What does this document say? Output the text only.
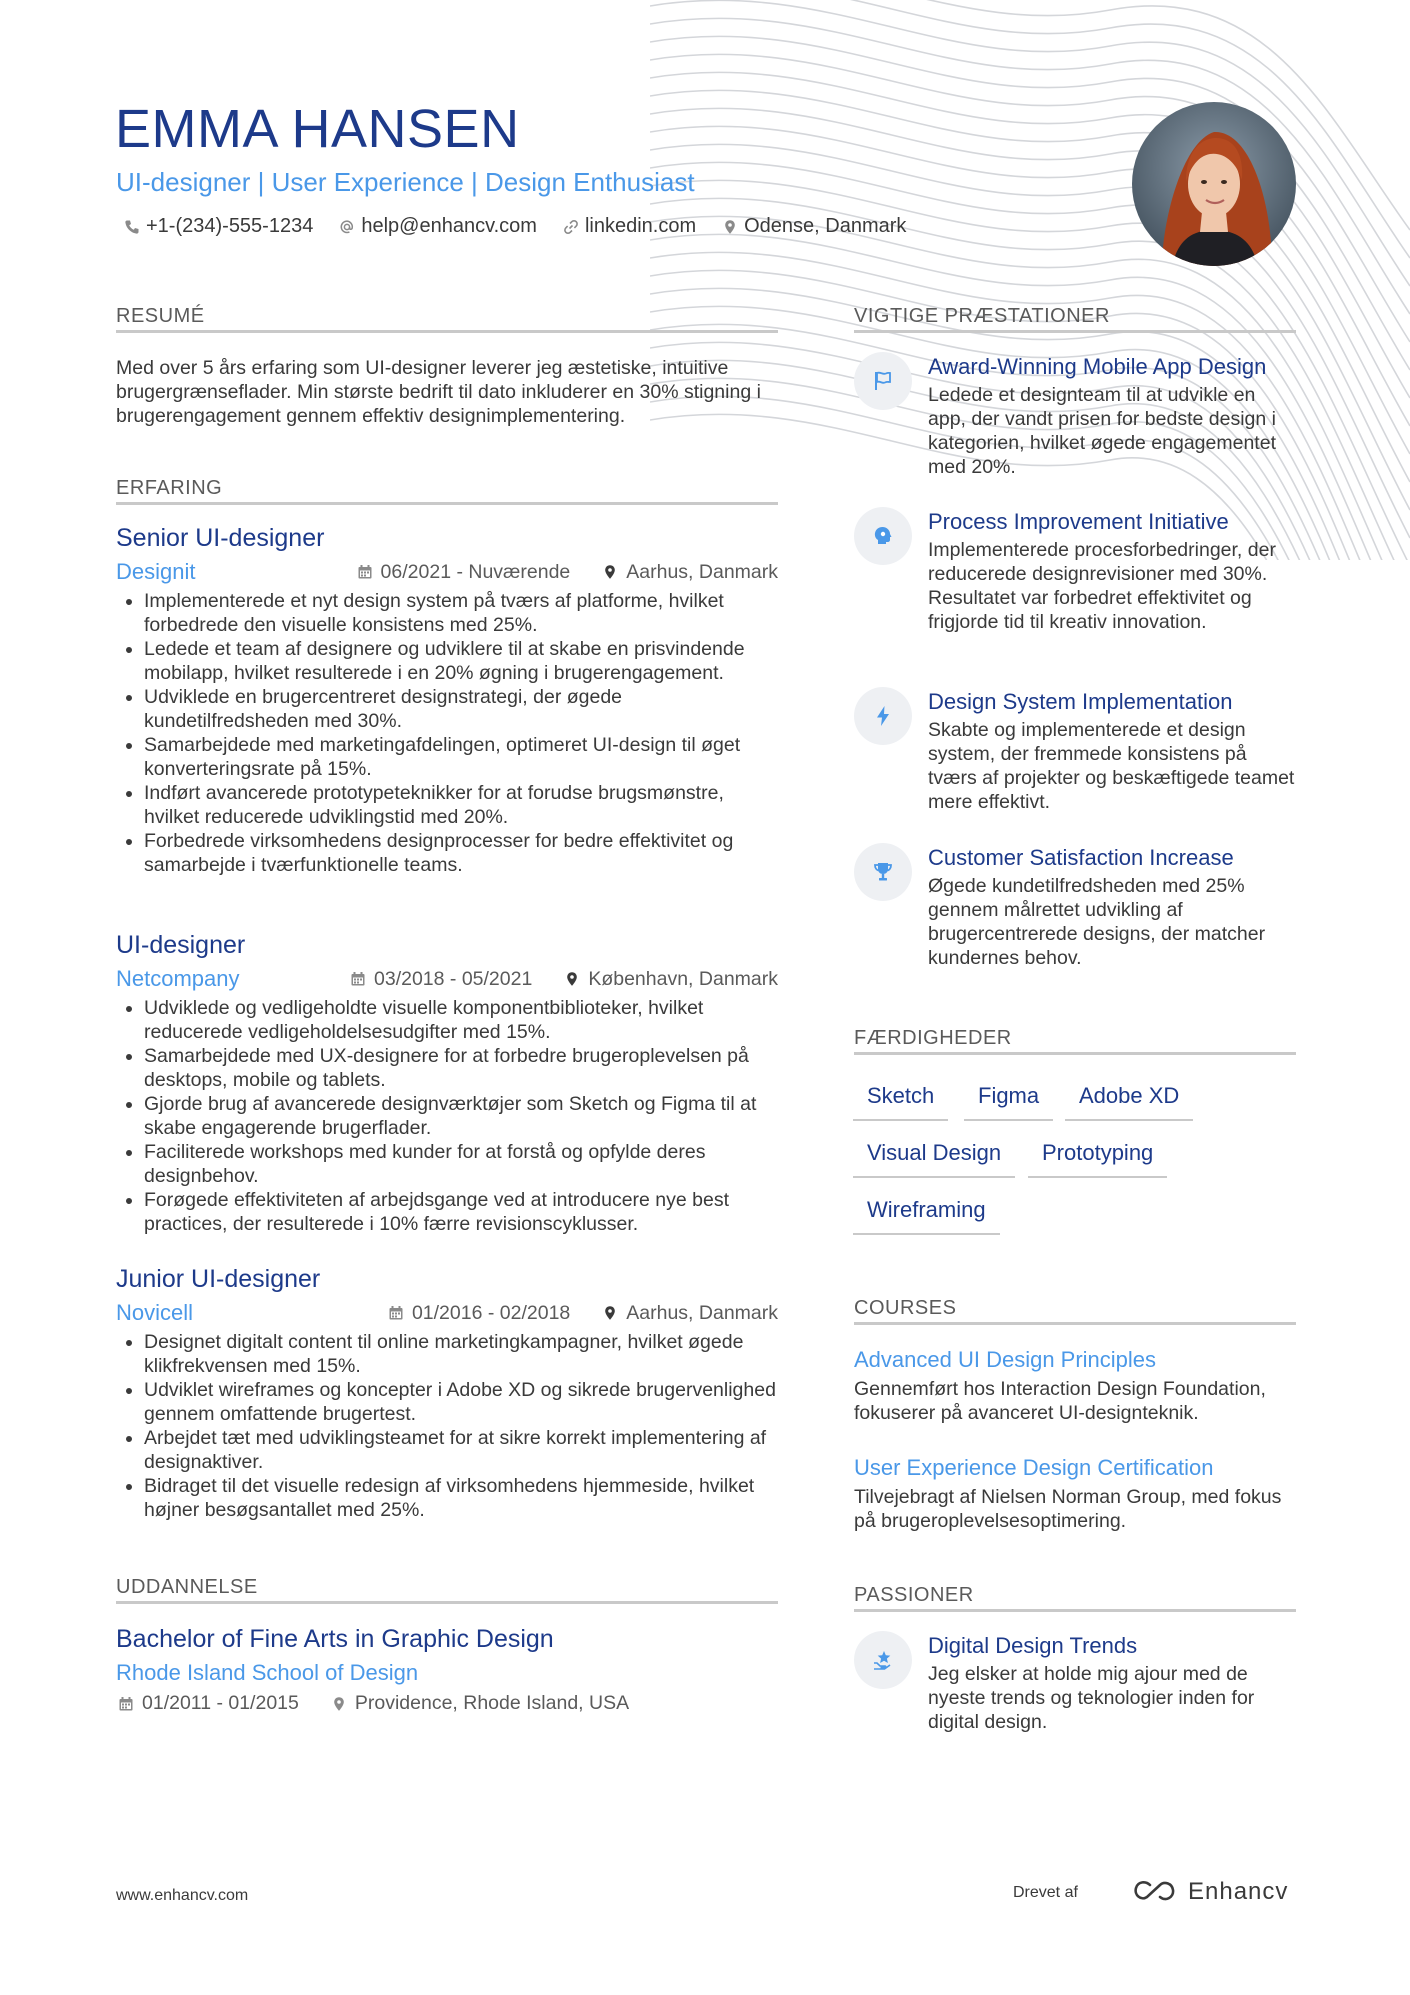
EMMA HANSEN
UI-designer | User Experience | Design Enthusiast
+1-(234)-555-1234 help@enhancv.com linkedin.com Odense, Danmark
RESUMÉ
Med over 5 års erfaring som UI-designer leverer jeg æstetiske, intuitive brugergrænseflader. Min største bedrift til dato inkluderer en 30% stigning i brugerengagement gennem effektiv designimplementering.
ERFARING
Senior UI-designer
Designit	06/2021 - Nuværende	Aarhus, Danmark
• Implementerede et nyt design system på tværs af platforme, hvilket forbedrede den visuelle konsistens med 25%.
• Ledede et team af designere og udviklere til at skabe en prisvindende mobilapp, hvilket resulterede i en 20% øgning i brugerengagement.
• Udviklede en brugercentreret designstrategi, der øgede kundetilfredsheden med 30%.
• Samarbejdede med marketingafdelingen, optimeret UI-design til øget konverteringsrate på 15%.
• Indført avancerede prototypeteknikker for at forudse brugsmønstre, hvilket reducerede udviklingstid med 20%.
• Forbedrede virksomhedens designprocesser for bedre effektivitet og samarbejde i tværfunktionelle teams.
UI-designer
Netcompany	03/2018 - 05/2021	København, Danmark
• Udviklede og vedligeholdte visuelle komponentbiblioteker, hvilket reducerede vedligeholdelsesudgifter med 15%.
• Samarbejdede med UX-designere for at forbedre brugeroplevelsen på desktops, mobile og tablets.
• Gjorde brug af avancerede designværktøjer som Sketch og Figma til at skabe engagerende brugerflader.
• Faciliterede workshops med kunder for at forstå og opfylde deres designbehov.
• Forøgede effektiviteten af arbejdsgange ved at introducere nye best practices, der resulterede i 10% færre revisionscyklusser.
Junior UI-designer
Novicell	01/2016 - 02/2018	Aarhus, Danmark
• Designet digitalt content til online marketingkampagner, hvilket øgede klikfrekvensen med 15%.
• Udviklet wireframes og koncepter i Adobe XD og sikrede brugervenlighed gennem omfattende brugertest.
• Arbejdet tæt med udviklingsteamet for at sikre korrekt implementering af designaktiver.
• Bidraget til det visuelle redesign af virksomhedens hjemmeside, hvilket højner besøgsantallet med 25%.
UDDANNELSE
Bachelor of Fine Arts in Graphic Design
Rhode Island School of Design
01/2011 - 01/2015	Providence, Rhode Island, USA
VIGTIGE PRÆSTATIONER
Award-Winning Mobile App Design
Ledede et designteam til at udvikle en app, der vandt prisen for bedste design i kategorien, hvilket øgede engagementet med 20%.
Process Improvement Initiative
Implementerede procesforbedringer, der reducerede designrevisioner med 30%. Resultatet var forbedret effektivitet og frigjorde tid til kreativ innovation.
Design System Implementation
Skabte og implementerede et design system, der fremmede konsistens på tværs af projekter og beskæftigede teamet mere effektivt.
Customer Satisfaction Increase
Øgede kundetilfredsheden med 25% gennem målrettet udvikling af brugercentrerede designs, der matcher kundernes behov.
FÆRDIGHEDER
Sketch	Figma	Adobe XD
Visual Design	Prototyping
Wireframing
COURSES
Advanced UI Design Principles
Gennemført hos Interaction Design Foundation, fokuserer på avanceret UI-designteknik.
User Experience Design Certification
Tilvejebragt af Nielsen Norman Group, med fokus på brugeroplevelsesoptimering.
PASSIONER
Digital Design Trends
Jeg elsker at holde mig ajour med de nyeste trends og teknologier inden for digital design.
www.enhancv.com	Drevet af	Enhancv
